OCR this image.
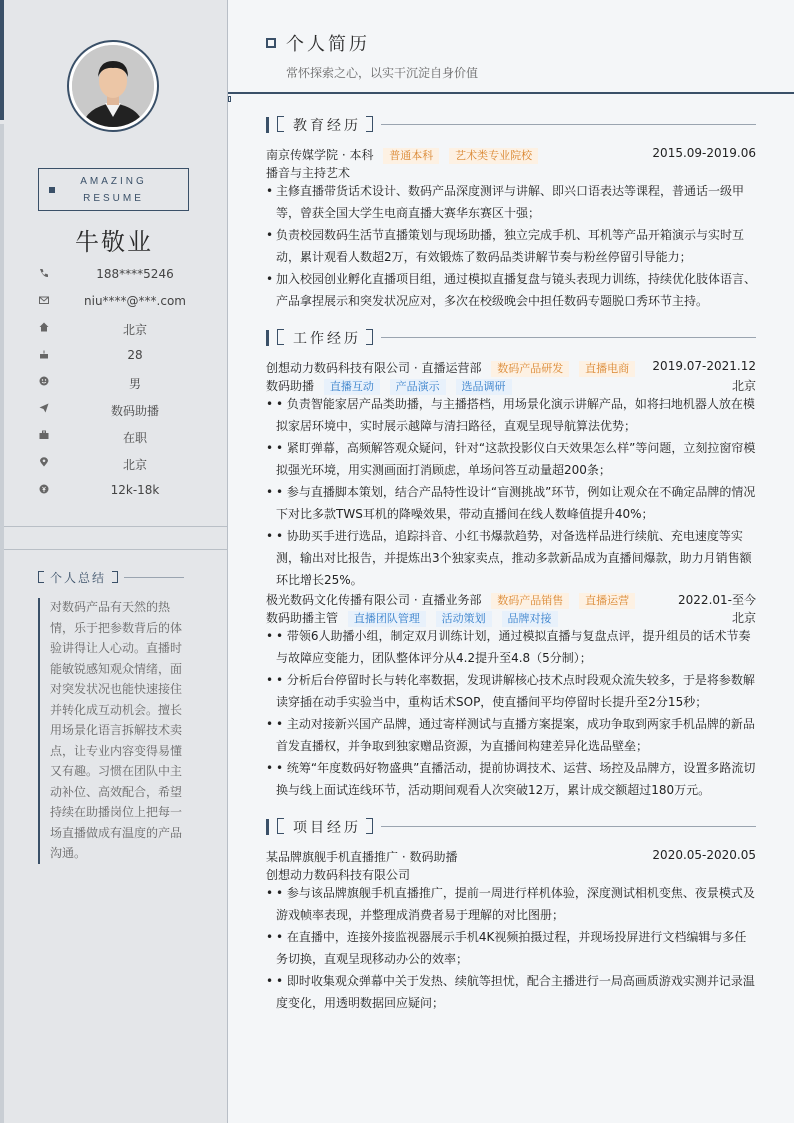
AMAZING
RESUME
牛敬业
188****5246
niu****@***.com
北京
28
男
数码助播
在职
北京
12k-18k
个人总结
对数码产品有天然的热情，乐于把参数背后的体验讲得让人心动。直播时能敏锐感知观众情绪，面对突发状况也能快速接住并转化成互动机会。擅长用场景化语言拆解技术卖点，让专业内容变得易懂又有趣。习惯在团队中主动补位、高效配合，希望持续在助播岗位上把每一场直播做成有温度的产品沟通。
个人简历
常怀探索之心，以实干沉淀自身价值
教育经历
南京传媒学院 · 本科 普通本科 艺术类专业院校	2015.09-2019.06
播音与主持艺术
• 主修直播带货话术设计、数码产品深度测评与讲解、即兴口语表达等课程，普通话一级甲等，曾获全国大学生电商直播大赛华东赛区十强；
• 负责校园数码生活节直播策划与现场助播，独立完成手机、耳机等产品开箱演示与实时互动，累计观看人数超2万，有效锻炼了数码品类讲解节奏与粉丝停留引导能力；
• 加入校园创业孵化直播项目组，通过模拟直播复盘与镜头表现力训练，持续优化肢体语言、产品拿捏展示和突发状况应对，多次在校级晚会中担任数码专题脱口秀环节主持。
工作经历
创想动力数码科技有限公司 · 直播运营部 数码产品研发 直播电商 2019.07-2021.12
数码助播 直播互动 产品演示 选品调研	北京
• • 负责智能家居产品类助播，与主播搭档，用场景化演示讲解产品，如将扫地机器人放在模拟家居环境中，实时展示越障与清扫路径，直观呈现导航算法优势；
• • 紧盯弹幕，高频解答观众疑问，针对“这款投影仪白天效果怎么样”等问题，立刻拉窗帘模拟强光环境，用实测画面打消顾虑，单场问答互动量超200条；
• • 参与直播脚本策划，结合产品特性设计“盲测挑战”环节，例如让观众在不确定品牌的情况下对比多款TWS耳机的降噪效果，带动直播间在线人数峰值提升40%；
• • 协助买手进行选品，追踪抖音、小红书爆款趋势，对备选样品进行续航、充电速度等实测，输出对比报告，并提炼出3个独家卖点，推动多款新品成为直播间爆款，助力月销售额环比增长25%。
极光数码文化传播有限公司 · 直播业务部 数码产品销售 直播运营	2022.01-至今
数码助播主管 直播团队管理 活动策划 品牌对接	北京
• • 带领6人助播小组，制定双月训练计划，通过模拟直播与复盘点评，提升组员的话术节奏与故障应变能力，团队整体评分从4.2提升至4.8（5分制）；
• • 分析后台停留时长与转化率数据，发现讲解核心技术点时段观众流失较多，于是将参数解读穿插在动手实验当中，重构话术SOP，使直播间平均停留时长提升至2分15秒；
• • 主动对接新兴国产品牌，通过寄样测试与直播方案提案，成功争取到两家手机品牌的新品首发直播权，并争取到独家赠品资源，为直播间构建差异化选品壁垒；
• • 统筹“年度数码好物盛典”直播活动，提前协调技术、运营、场控及品牌方，设置多路流切换与线上面试连线环节，活动期间观看人次突破12万，累计成交额超过180万元。
项目经历
某品牌旗舰手机直播推广 · 数码助播	2020.05-2020.05
创想动力数码科技有限公司
• • 参与该品牌旗舰手机直播推广，提前一周进行样机体验，深度测试相机变焦、夜景模式及游戏帧率表现，并整理成消费者易于理解的对比图册；
• • 在直播中，连接外接监视器展示手机4K视频拍摄过程，并现场投屏进行文档编辑与多任务切换，直观呈现移动办公的效率；
• • 即时收集观众弹幕中关于发热、续航等担忧，配合主播进行一局高画质游戏实测并记录温度变化，用透明数据回应疑问；
